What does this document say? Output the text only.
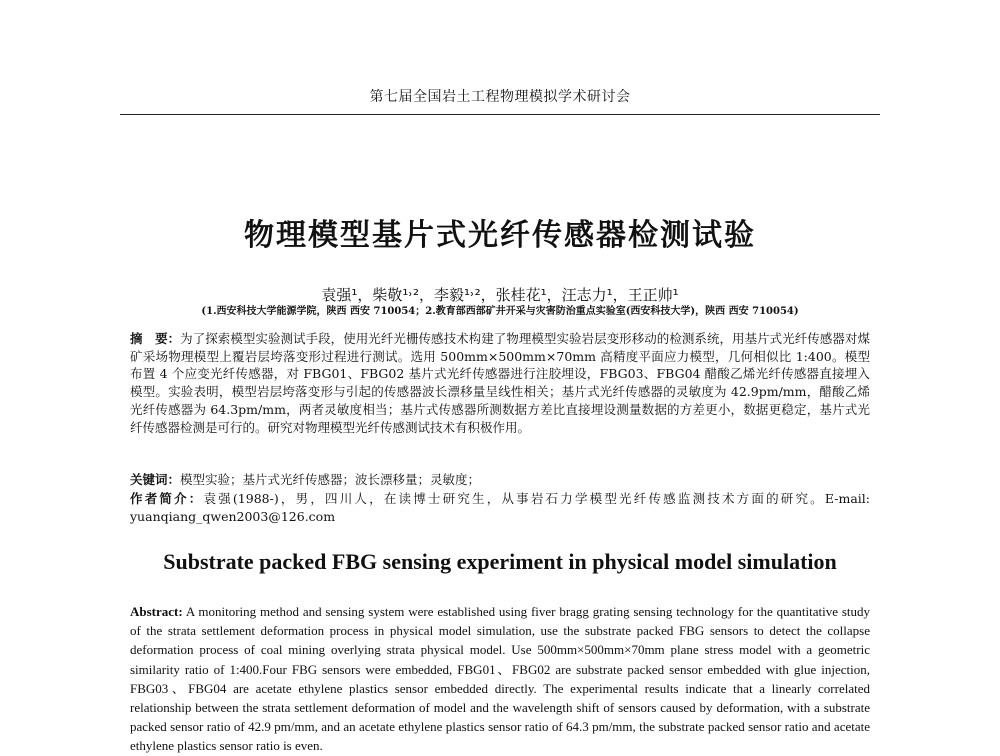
第七届全国岩土工程物理模拟学术研讨会
物理模型基片式光纤传感器检测试验
袁强¹，柴敬¹˒²，李毅¹˒²，张桂花¹，汪志力¹，王正帅¹
(1.西安科技大学能源学院，陕西 西安 710054；2.教育部西部矿井开采与灾害防治重点实验室(西安科技大学)，陕西 西安 710054)
摘　要：为了探索模型实验测试手段，使用光纤光栅传感技术构建了物理模型实验岩层变形移动的检测系统，用基片式光纤传感器对煤矿采场物理模型上覆岩层垮落变形过程进行测试。选用 500mm×500mm×70mm 高精度平面应力模型，几何相似比 1:400。模型布置 4 个应变光纤传感器，对 FBG01、FBG02 基片式光纤传感器进行注胶埋设，FBG03、FBG04 醋酸乙烯光纤传感器直接埋入模型。实验表明，模型岩层垮落变形与引起的传感器波长漂移量呈线性相关；基片式光纤传感器的灵敏度为 42.9pm/mm，醋酸乙烯光纤传感器为 64.3pm/mm，两者灵敏度相当；基片式传感器所测数据方差比直接埋设测量数据的方差更小，数据更稳定，基片式光纤传感器检测是可行的。研究对物理模型光纤传感测试技术有积极作用。
关键词：模型实验；基片式光纤传感器；波长漂移量；灵敏度；
作者简介：袁强(1988-)，男，四川人，在读博士研究生，从事岩石力学模型光纤传感监测技术方面的研究。E-mail: yuanqiang_qwen2003@126.com
Substrate packed FBG sensing experiment in physical model simulation
Abstract: A monitoring method and sensing system were established using fiver bragg grating sensing technology for the quantitative study of the strata settlement deformation process in physical model simulation, use the substrate packed FBG sensors to detect the collapse deformation process of coal mining overlying strata physical model. Use 500mm×500mm×70mm plane stress model with a geometric similarity ratio of 1:400.Four FBG sensors were embedded, FBG01、FBG02 are substrate packed sensor embedded with glue injection, FBG03、FBG04 are acetate ethylene plastics sensor embedded directly. The experimental results indicate that a linearly correlated relationship between the strata settlement deformation of model and the wavelength shift of sensors caused by deformation, with a substrate packed sensor ratio of 42.9 pm/mm, and an acetate ethylene plastics sensor ratio of 64.3 pm/mm, the substrate packed sensor ratio and acetate ethylene plastics sensor ratio is even.
